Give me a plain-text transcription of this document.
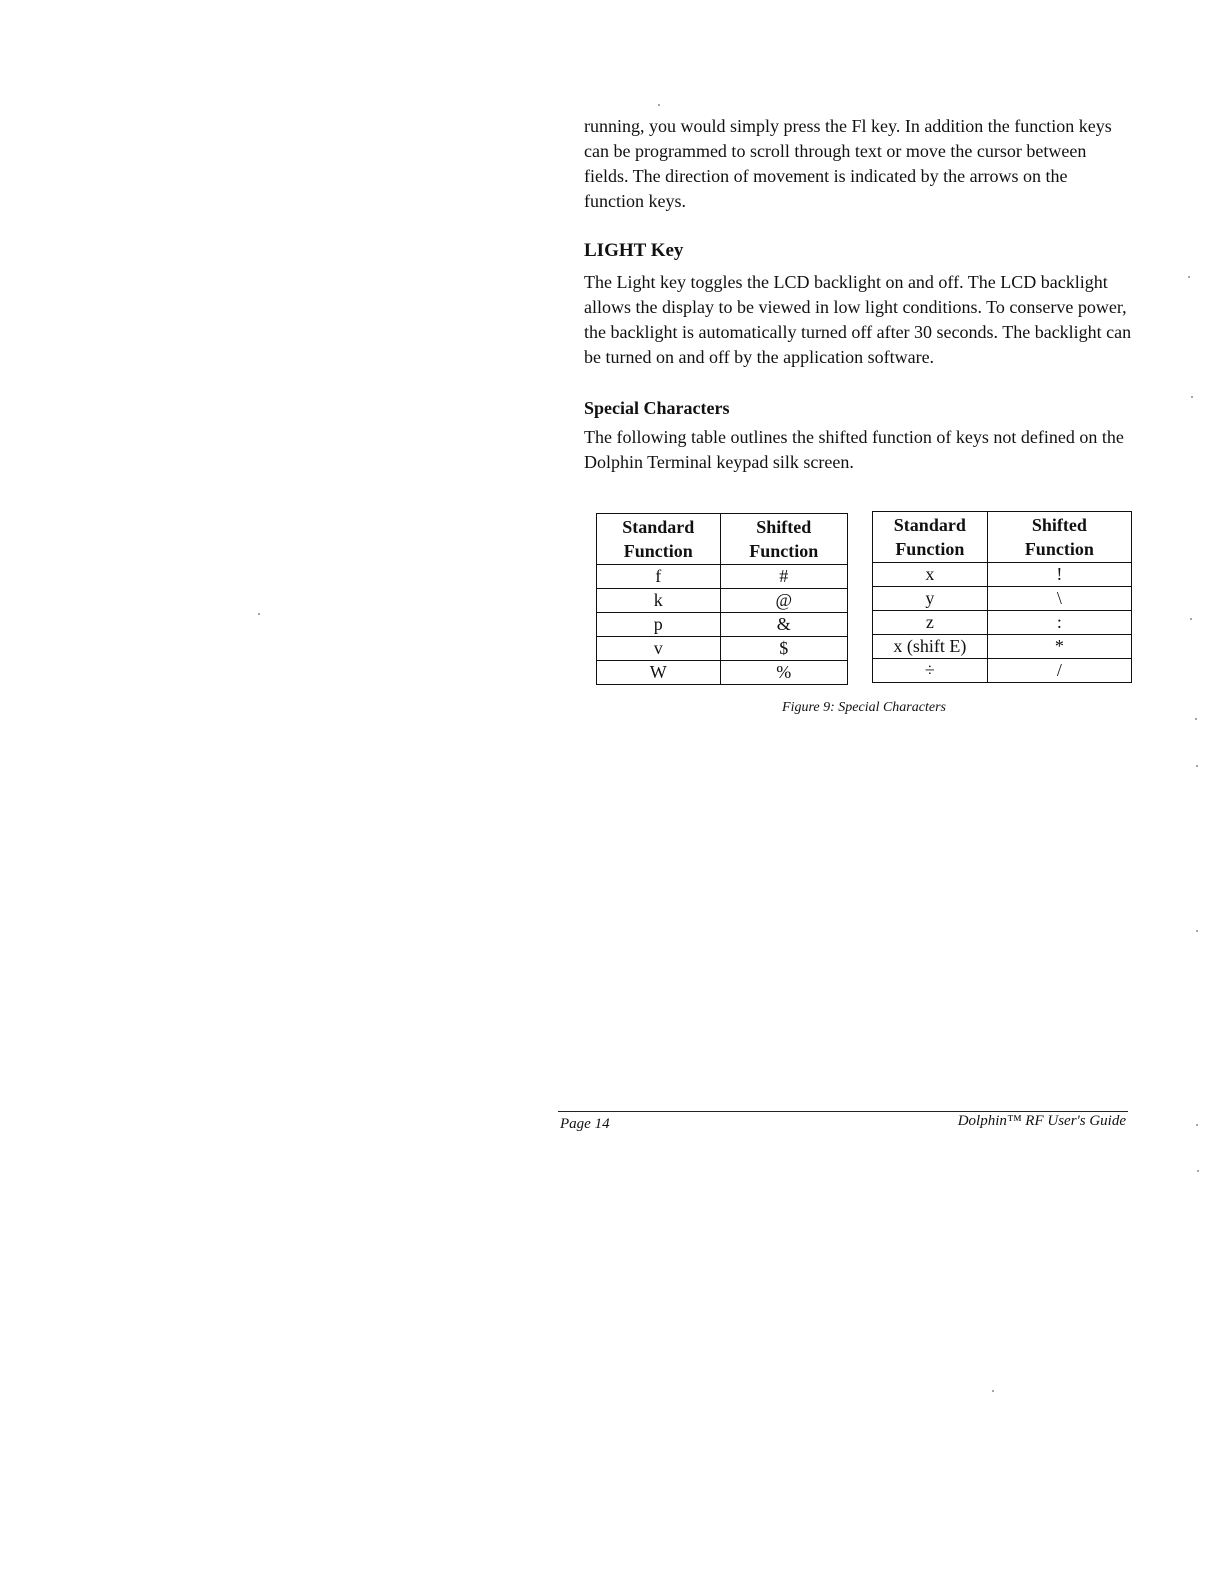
running, you would simply press the Fl key. In addition the function keys can be programmed to scroll through text or move the cursor between fields. The direction of movement is indicated by the arrows on the function keys.

LIGHT Key

The Light key toggles the LCD backlight on and off. The LCD backlight allows the display to be viewed in low light conditions. To conserve power, the backlight is automatically turned off after 30 seconds. The backlight can be turned on and off by the application software.

Special Characters

The following table outlines the shifted function of keys not defined on the Dolphin Terminal keypad silk screen.

Standard
Function	Shifted
Function
f	#
k	@
p	&
v	$
W	%
Standard
Function	Shifted
Function
x	!
y	\
z	:
x (shift E)	*
÷	/
Figure 9: Special Characters
Page 14	Dolphin™ RF User's Guide
